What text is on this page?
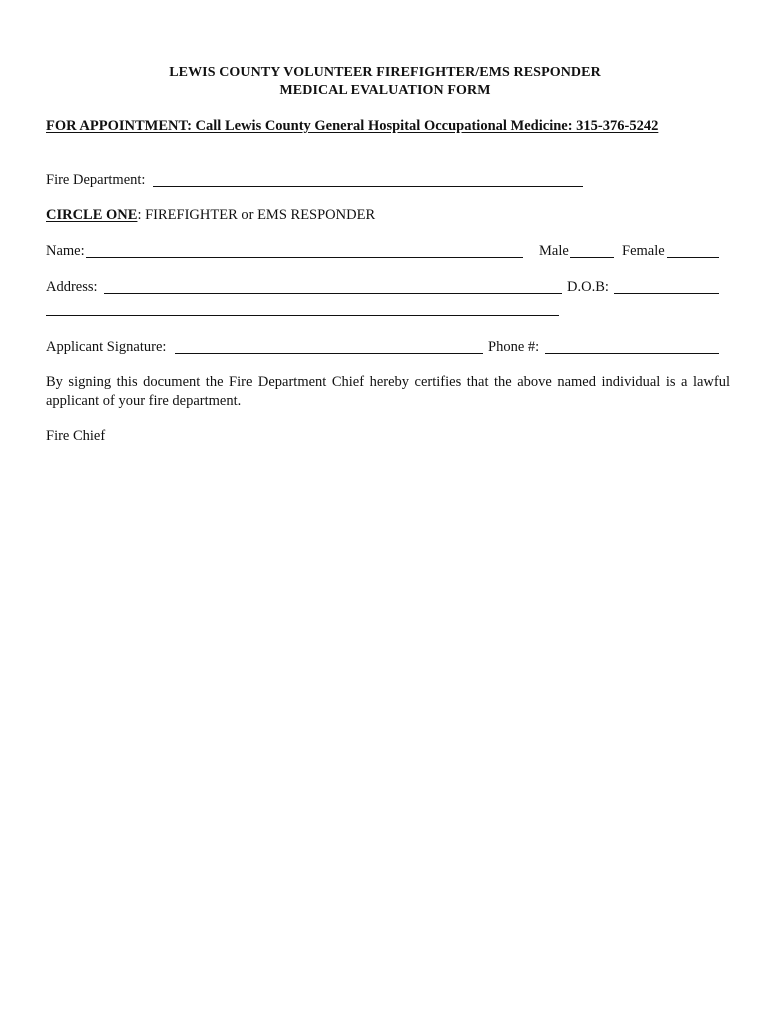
LEWIS COUNTY VOLUNTEER FIREFIGHTER/EMS RESPONDER
MEDICAL EVALUATION FORM
FOR APPOINTMENT: Call Lewis County General Hospital Occupational Medicine: 315-376-5242
Fire Department:
CIRCLE ONE: FIREFIGHTER or EMS RESPONDER
Name:	Male	Female
Address:	D.O.B:
Applicant Signature:	Phone #:
By signing this document the Fire Department Chief hereby certifies that the above named individual is a lawful applicant of your fire department.
Fire Chief
